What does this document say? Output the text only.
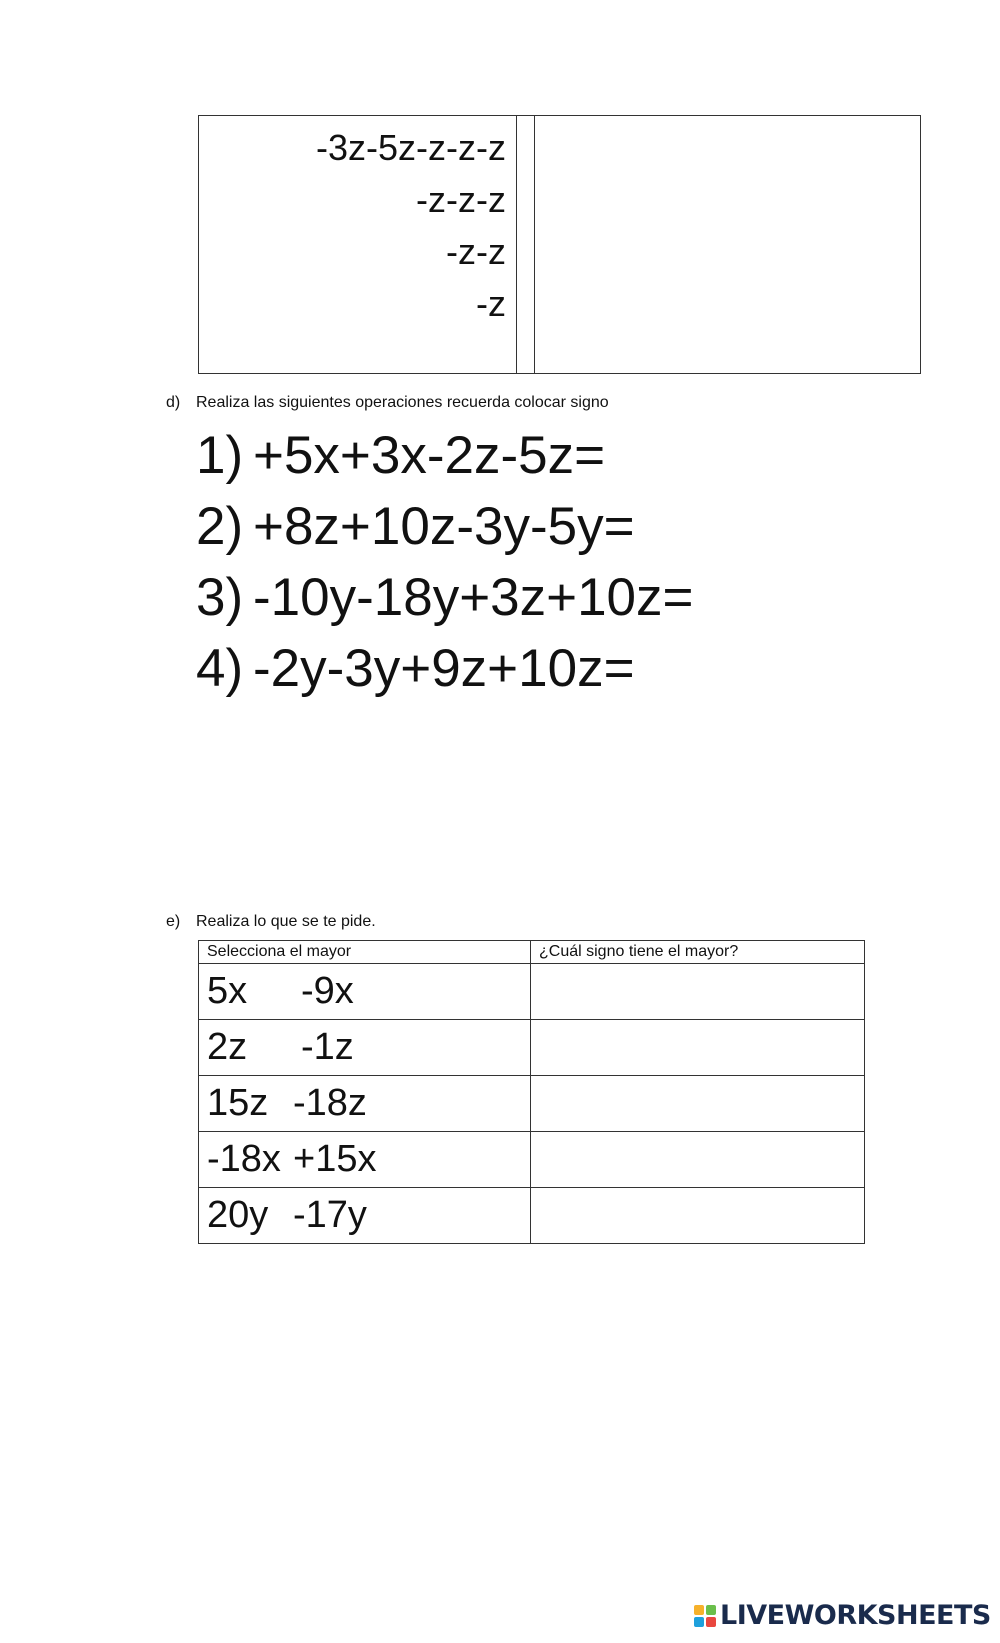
-3z-5z-z-z-z
-z-z-z
-z-z
-z
d) Realiza las siguientes operaciones recuerda colocar signo
1) +5x+3x-2z-5z=
2) +8z+10z-3y-5y=
3) -10y-18y+3z+10z=
4) -2y-3y+9z+10z=
e) Realiza lo que se te pide.
Selecciona el mayor	¿Cuál signo tiene el mayor?
5x -9x	
2z -1z	
15z -18z	
-18x +15x	
20y -17y	
LIVEWORKSHEETS
